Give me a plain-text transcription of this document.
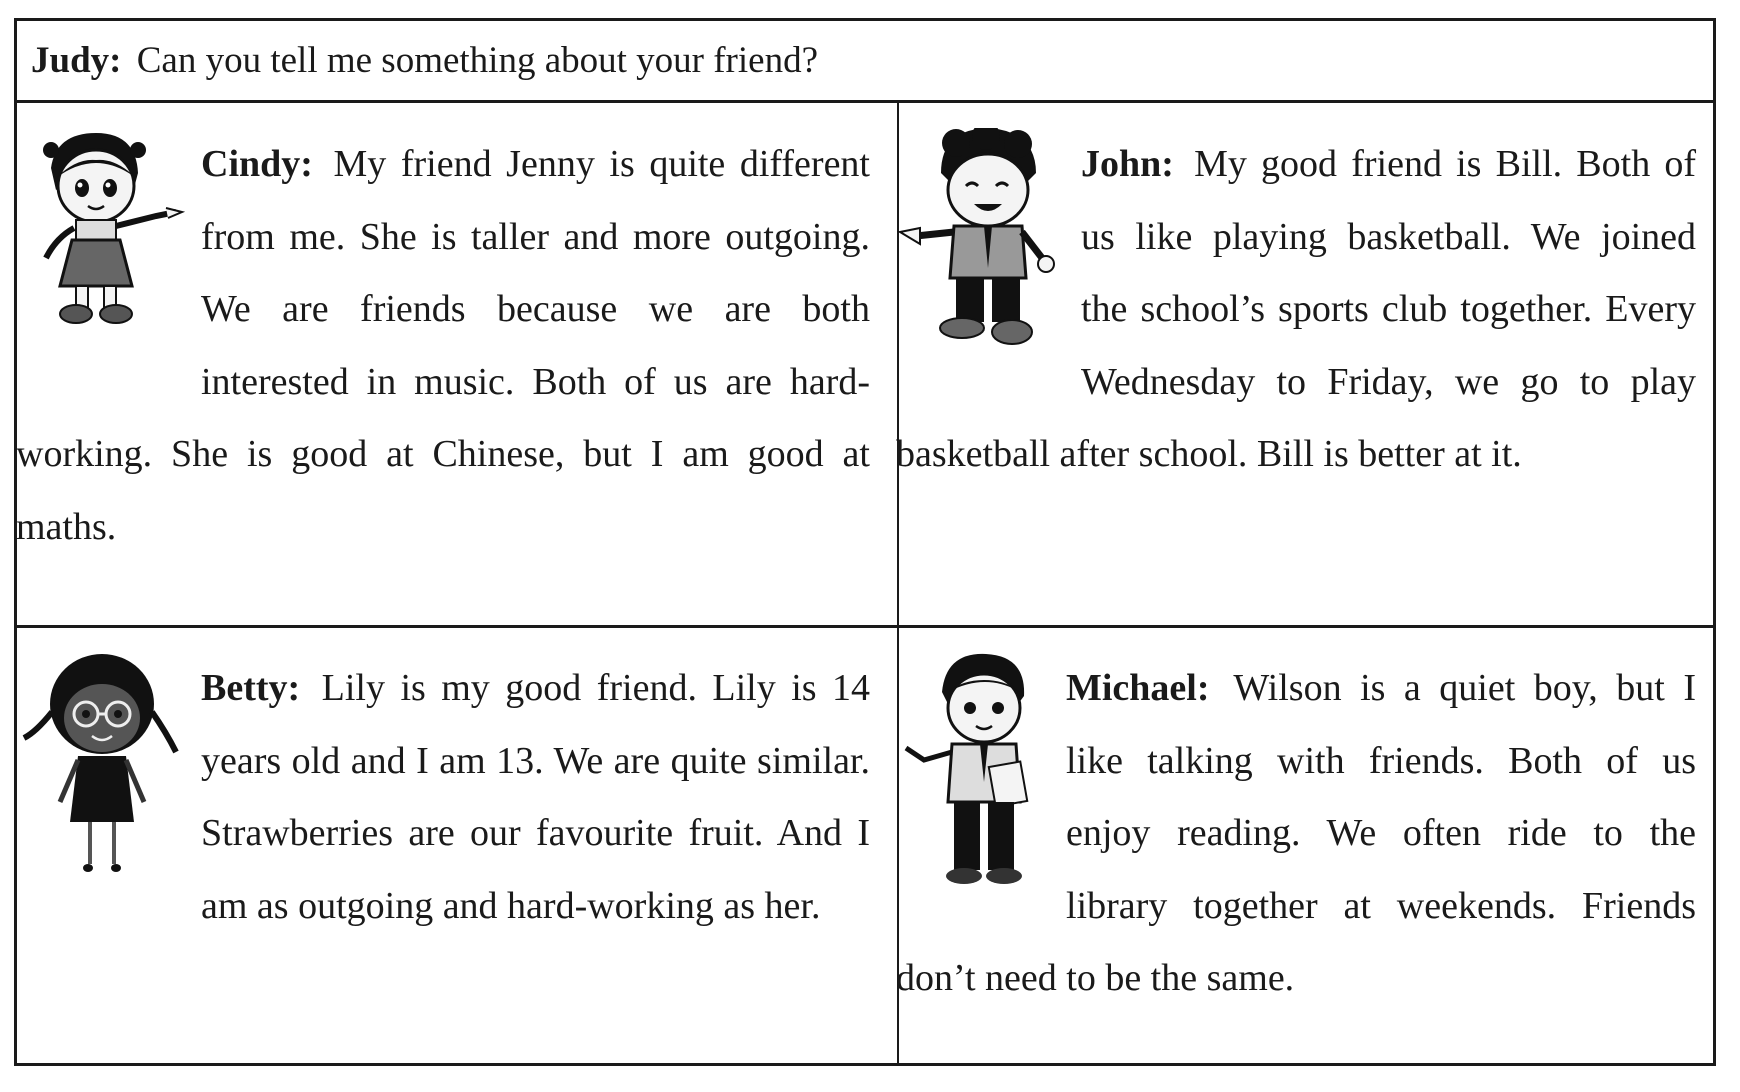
Judy: Can you tell me something about your friend?

Cindy: My friend Jenny is quite different from me. She is taller and more outgoing. We are friends because we are both interested in music. Both of us are hard-working. She is good at Chinese, but I am good at maths.

John: My good friend is Bill. Both of us like playing basketball. We joined the school’s sports club together. Every Wednesday to Friday, we go to play basketball after school. Bill is better at it.

Betty: Lily is my good friend. Lily is 14 years old and I am 13. We are quite similar. Strawberries are our favourite fruit. And I am as outgoing and hard-working as her.

Michael: Wilson is a quiet boy, but I like talking with friends. Both of us enjoy reading. We often ride to the library together at weekends. Friends don’t need to be the same.
